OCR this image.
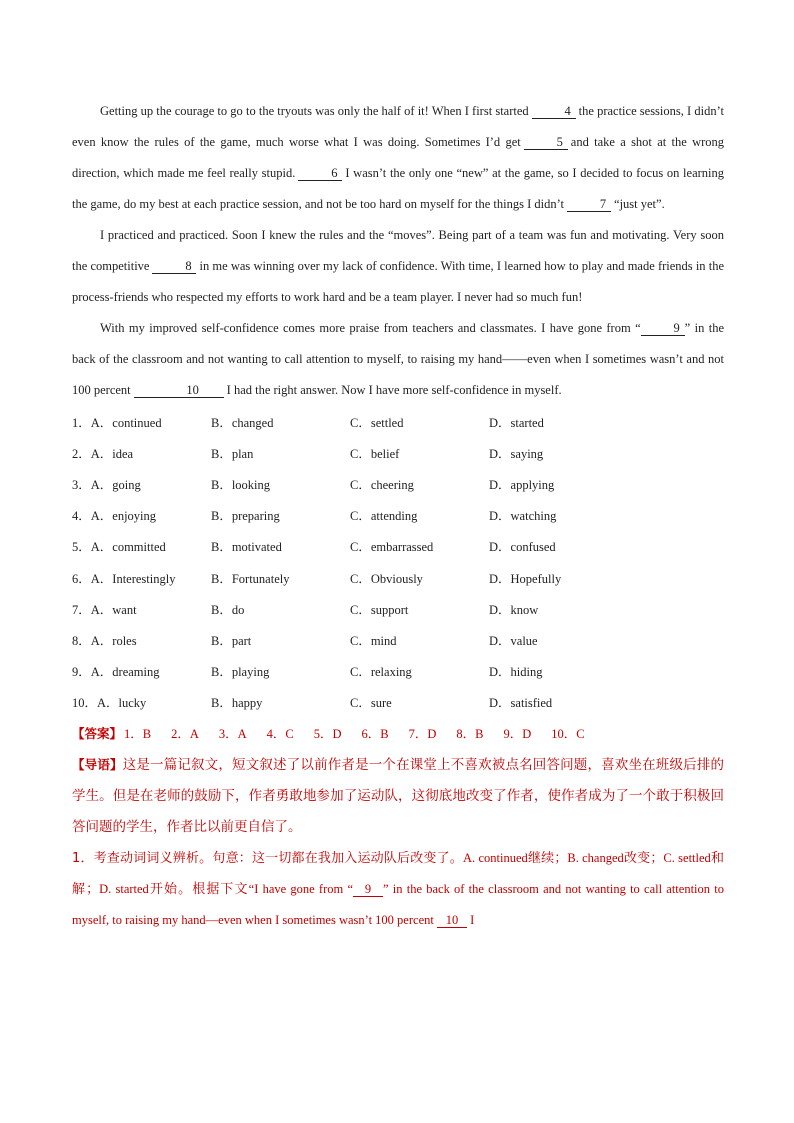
Getting up the courage to go to the tryouts was only the half of it! When I first started	4 the practice sessions, I didn’t even know the rules of the game, much worse what I was doing. Sometimes I’d get	5 and take a shot at the wrong direction, which made me feel really stupid.	6 I wasn’t the only one “new” at the game, so I decided to focus on learning the game, do my best at each practice session, and not be too hard on myself for the things I didn’t	7 “just yet”.

I practiced and practiced. Soon I knew the rules and the “moves”. Being part of a team was fun and motivating. Very soon the competitive	8 in me was winning over my lack of confidence. With time, I learned how to play and made friends in the process-friends who respected my efforts to work hard and be a team player. I never had so much fun!

With my improved self-confidence comes more praise from teachers and classmates. I have gone from “	9 ” in the back of the classroom and not wanting to call attention to myself, to raising my hand——even when I sometimes wasn’t and not 100 percent	10 I had the right answer. Now I have more self-confidence in myself.

1．A．continued	B．changed	C．settled	D．started
2．A．idea	B．plan	C．belief	D．saying
3．A．going	B．looking	C．cheering	D．applying
4．A．enjoying	B．preparing	C．attending	D．watching
5．A．committed	B．motivated	C．embarrassed	D．confused
6．A．Interestingly	B．Fortunately	C．Obviously	D．Hopefully
7．A．want	B．do	C．support	D．know
8．A．roles	B．part	C．mind	D．value
9．A．dreaming	B．playing	C．relaxing	D．hiding
10．A．lucky	B．happy	C．sure	D．satisfied
【答案】 1．B 2．A 3．A 4．C 5．D 6．B 7．D 8．B 9．D 10．C

【导语】这是一篇记叙文，短文叙述了以前作者是一个在课堂上不喜欢被点名回答问题，喜欢坐在班级后排的学生。但是在老师的鼓励下，作者勇敢地参加了运动队，这彻底地改变了作者，使作者成为了一个敢于积极回答问题的学生，作者比以前更自信了。

1．考查动词词义辨析。句意：这一切都在我加入运动队后改变了。A. continued继续；B. changed改变；C. settled和解；D. started开始。根据下文“I have gone from “ 9 ” in the back of the classroom and not wanting to call attention to myself, to raising my hand—even when I sometimes wasn’t 100 percent 10 I
